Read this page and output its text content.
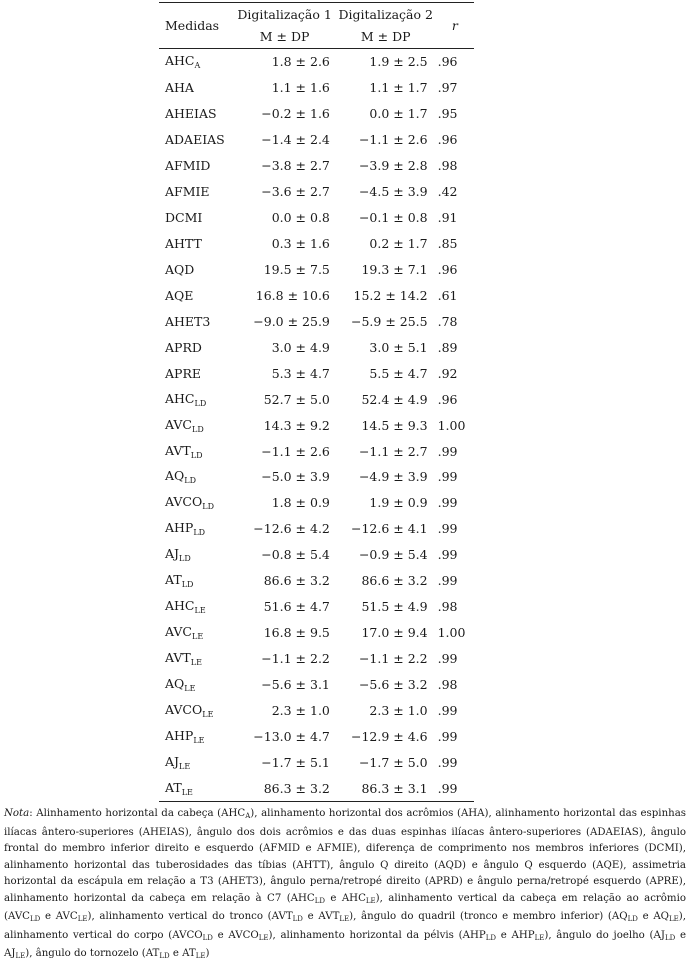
Medidas	Digitalização 1	Digitalização 2	r
	M ± DP	M ± DP	
$AHC_A$	1.8 ± 2.6	1.9 ± 2.5	.96
AHA	1.1 ± 1.6	1.1 ± 1.7	.97
AHEIAS	−0.2 ± 1.6	0.0 ± 1.7	.95
ADAEIAS	−1.4 ± 2.4	−1.1 ± 2.6	.96
AFMID	−3.8 ± 2.7	−3.9 ± 2.8	.98
AFMIE	−3.6 ± 2.7	−4.5 ± 3.9	.42
DCMI	0.0 ± 0.8	−0.1 ± 0.8	.91
AHTT	0.3 ± 1.6	0.2 ± 1.7	.85
AQD	19.5 ± 7.5	19.3 ± 7.1	.96
AQE	16.8 ± 10.6	15.2 ± 14.2	.61
AHET3	−9.0 ± 25.9	−5.9 ± 25.5	.78
APRD	3.0 ± 4.9	3.0 ± 5.1	.89
APRE	5.3 ± 4.7	5.5 ± 4.7	.92
$AHC_{LD}$	52.7 ± 5.0	52.4 ± 4.9	.96
$AVC_{LD}$	14.3 ± 9.2	14.5 ± 9.3	1.00
$AVT_{LD}$	−1.1 ± 2.6	−1.1 ± 2.7	.99
$AQ_{LD}$	−5.0 ± 3.9	−4.9 ± 3.9	.99
$AVCO_{LD}$	1.8 ± 0.9	1.9 ± 0.9	.99
$AHP_{LD}$	−12.6 ± 4.2	−12.6 ± 4.1	.99
$AJ_{LD}$	−0.8 ± 5.4	−0.9 ± 5.4	.99
$AT_{LD}$	86.6 ± 3.2	86.6 ± 3.2	.99
$AHC_{LE}$	51.6 ± 4.7	51.5 ± 4.9	.98
$AVC_{LE}$	16.8 ± 9.5	17.0 ± 9.4	1.00
$AVT_{LE}$	−1.1 ± 2.2	−1.1 ± 2.2	.99
$AQ_{LE}$	−5.6 ± 3.1	−5.6 ± 3.2	.98
$AVCO_{LE}$	2.3 ± 1.0	2.3 ± 1.0	.99
$AHP_{LE}$	−13.0 ± 4.7	−12.9 ± 4.6	.99
$AJ_{LE}$	−1.7 ± 5.1	−1.7 ± 5.0	.99
$AT_{LE}$	86.3 ± 3.2	86.3 ± 3.1	.99

Nota: Alinhamento horizontal da cabeça $(AHC_A)$, alinhamento horizontal dos acrômios (AHA), alinhamento horizontal das espinhas ilíacas ântero-superiores (AHEIAS), ângulo dos dois acrômios e das duas espinhas ilíacas ântero-superiores (ADAEIAS), ângulo frontal do membro inferior direito e esquerdo (AFMID e AFMIE), diferença de comprimento nos membros inferiores (DCMI), alinhamento horizontal das tuberosidades das tíbias (AHTT), ângulo Q direito (AQD) e ângulo Q esquerdo (AQE), assimetria horizontal da escápula em relação a T3 (AHET3), ângulo perna/retropé direito (APRD) e ângulo perna/retropé esquerdo (APRE), alinhamento horizontal da cabeça em relação à C7 ($AHC_{LD}$ e $AHC_{LE}$), alinhamento vertical da cabeça em relação ao acrômio ($AVC_{LD}$ e $AVC_{LE}$), alinhamento vertical do tronco ($AVT_{LD}$ e $AVT_{LE}$), ângulo do quadril (tronco e membro inferior) ($AQ_{LD}$ e $AQ_{LE}$), alinhamento vertical do corpo ($AVCO_{LD}$ e $AVCO_{LE}$), alinhamento horizontal da pélvis ($AHP_{LD}$ e $AHP_{LE}$), ângulo do joelho ($AJ_{LD}$ e $AJ_{LE}$), ângulo do tornozelo ($AT_{LD}$ e $AT_{LE}$)
